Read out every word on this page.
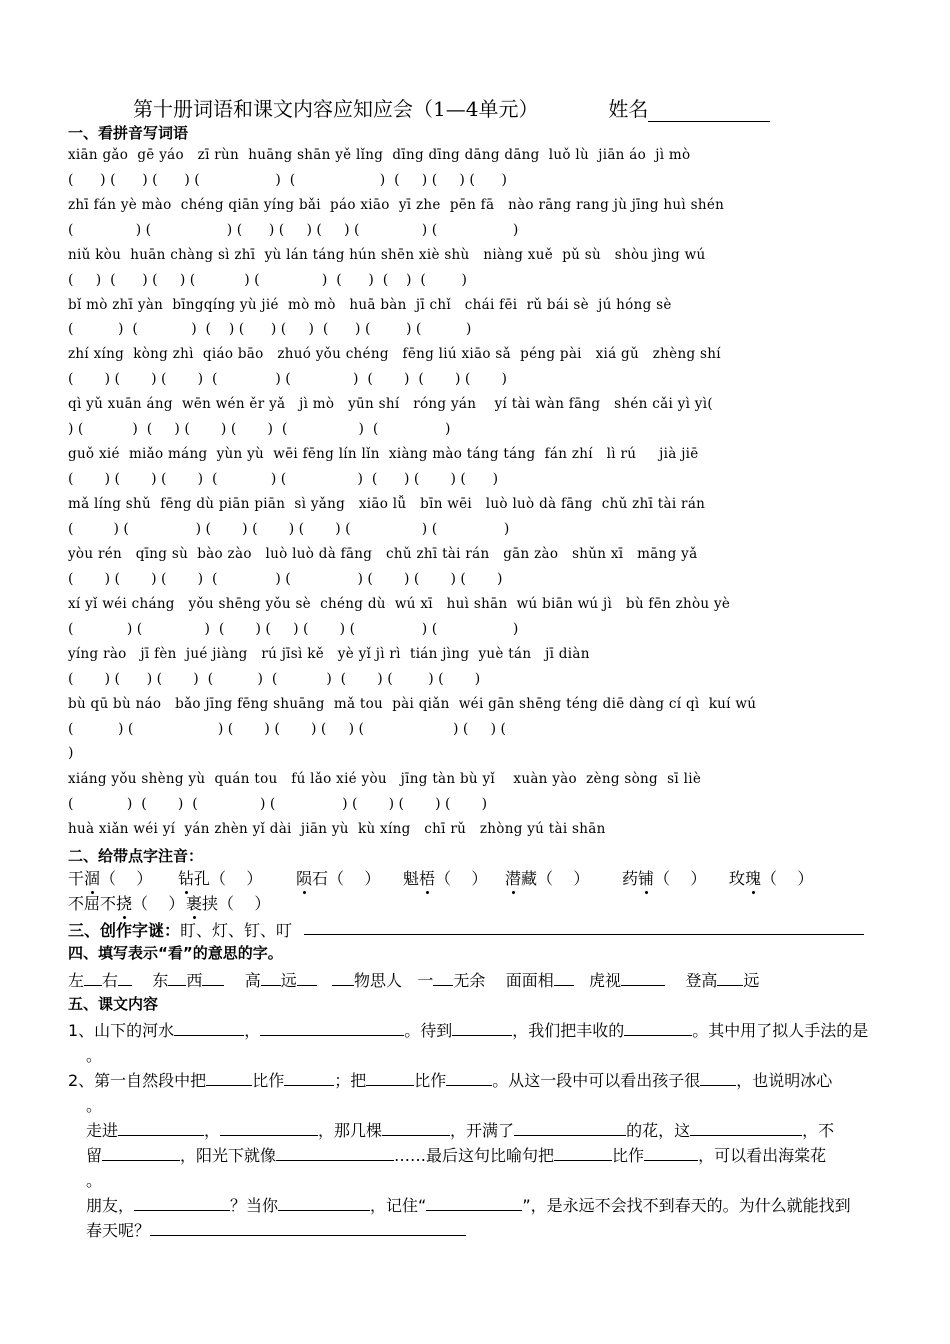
第十册词语和课文内容应知应会（1—4单元）	姓名
一、看拼音写词语
xiān gǎo  gē yáo   zī rùn  huāng shān yě lǐng  dīng dīng dāng dāng  luǒ lù  jiān áo  jì mò
(      ) (      ) (      ) (                 )  (                   )  (     ) (     ) (      )
zhī fán yè mào  chéng qiān yíng bǎi  páo xiāo  yī zhe  pēn fā   nào rāng rang jù jīng huì shén
(              ) (                 ) (      ) (     ) (     ) (              ) (                 )
niǔ kòu  huān chàng sì zhī  yù lán táng hún shēn xiè shù   niàng xuě  pǔ sù   shòu jìng wú
(     )  (      ) (     ) (           ) (              )  (      )  (    )  (        )
bǐ mò zhī yàn  bīngqíng yù jié  mò mò   huā bàn  jī chǐ   chái fēi  rǔ bái sè  jú hóng sè
(          )  (            )  (    ) (      ) (     )  (      ) (        ) (          )
zhí xíng  kòng zhì  qiáo bāo   zhuó yǒu chéng   fēng liú xiāo sǎ  péng pài   xiá gǔ   zhèng shí
(       ) (       ) (       )  (             ) (              )  (       )  (       ) (       )
qì yǔ xuān áng  wēn wén ěr yǎ   jì mò   yūn shí   róng yán    yí tài wàn fāng   shén cǎi yì yì(
) (           )  (     ) (       ) (       )  (                )  (               )
guǒ xié  miǎo máng  yùn yù  wēi fēng lín lǐn  xiàng mào táng táng  fán zhí   lì rú     jià jiē
(       ) (       ) (       )  (            ) (                )  (      ) (       ) (      )
mǎ líng shǔ  fēng dù piān piān  sì yǎng   xiāo lǚ   bīn wēi   luò luò dà fāng  chǔ zhī tài rán
(         ) (               ) (       ) (       ) (       ) (                ) (               )
yòu rén   qīng sù  bào zào   luò luò dà fāng   chǔ zhī tài rán   gān zào   shǔn xī   māng yǎ
(       ) (       ) (       )  (             ) (               ) (       ) (       ) (       )
xí yǐ wéi cháng   yǒu shēng yǒu sè  chéng dù  wú xī   huì shān  wú biān wú jì   bù fēn zhòu yè
(            ) (              )  (       ) (     ) (       ) (               ) (                 )
yíng rào   jī fèn  jué jiàng   rú jīsì kě   yè yǐ jì rì  tián jìng  yuè tán   jī diàn
(       ) (      ) (       )  (          )  (           )  (       ) (        ) (       )
bù qū bù náo   bǎo jīng fēng shuāng  mǎ tou  pài qiǎn  wéi gān shēng téng diē dàng cí qì  kuí wú
(          ) (                   ) (       ) (       ) (     ) (                    ) (     ) (
)
xiáng yǒu shèng yù  quán tou   fú lǎo xié yòu   jīng tàn bù yǐ    xuàn yào  zèng sòng  sī liè
(            )  (       )  (              ) (               ) (       ) (       ) (       )
huà xiǎn wéi yí  yán zhèn yǐ dài  jiān yù  kù xíng   chī rǔ   zhòng yú tài shān
二、给带点字注音：
干涸（    ） 钻孔（    ） 陨石（    ） 魁梧（    ） 潜藏（    ） 药铺（    ） 玫瑰（    ）
不屈不挠（    ） 裹挟（    ）
三、创作字谜：盯、灯、钉、叮
四、填写表示“看”的意思的字。
左 右 东 西	高 远	物思人 一 无余 面面相 虎视	登高 远
五、课文内容
1、山下的河水	，	。待到	，我们把丰收的	。其中用了拟人手法的是
。
2、第一自然段中把	比作	；把	比作	。从这一段中可以看出孩子很 ，也说明冰心
。
走进	，	，那几棵	，开满了	的花，这	，不
留	，阳光下就像	……最后这句比喻句把	比作	，可以看出海棠花
。
朋友，	？当你	，记住“	”，是永远不会找不到春天的。为什么就能找到
春天呢？
